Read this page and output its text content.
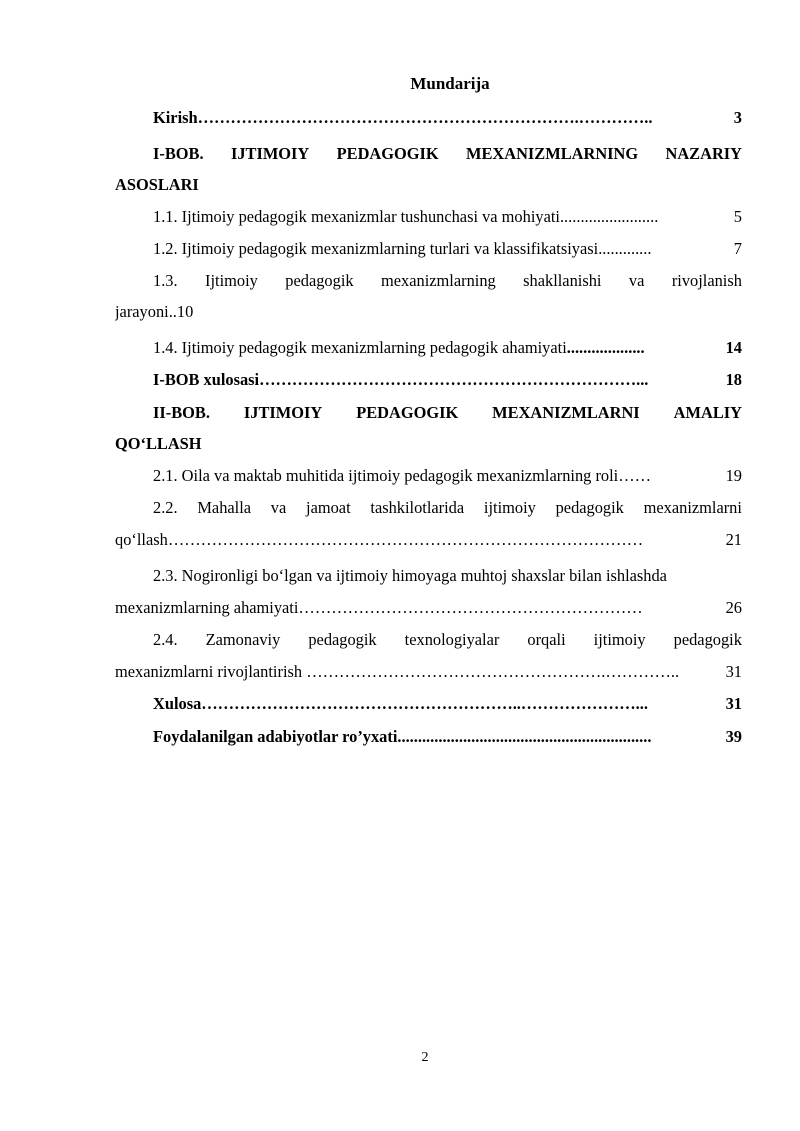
Mundarija
Kirish …………………………………………………………….…………..	3
I-BOB. IJTIMOIY PEDAGOGIK MEXANIZMLARNING NAZARIY
ASOSLARI
1.1. Ijtimoiy pedagogik mexanizmlar tushunchasi va mohiyati ........................	5
1.2. Ijtimoiy pedagogik mexanizmlarning turlari va klassifikatsiyasi .............	7
1.3. Ijtimoiy pedagogik mexanizmlarning shakllanishi va rivojlanish
jarayoni..10
1.4. Ijtimoiy pedagogik mexanizmlarning pedagogik ahamiyati ...................	14
I-BOB xulosasi ……………………………………………………………...	18
II-BOB. IJTIMOIY PEDAGOGIK MEXANIZMLARNI AMALIY
QO‘LLASH
2.1. Oila va maktab muhitida ijtimoiy pedagogik mexanizmlarning roli ……	19
2.2. Mahalla va jamoat tashkilotlarida ijtimoiy pedagogik mexanizmlarni
qo‘llash ……………………………………………………………………………	21
2.3. Nogironligi bo‘lgan va ijtimoiy himoyaga muhtoj shaxslar bilan ishlashda
mexanizmlarning ahamiyati ………………………………………………………	26
2.4. Zamonaviy pedagogik texnologiyalar orqali ijtimoiy pedagogik
mexanizmlarni rivojlantirish ……………………………………………….…………..	31
Xulosa …………………………………………………..…………………...	31
Foydalanilgan adabiyotlar ro’yxati ..............................................................	39
2
